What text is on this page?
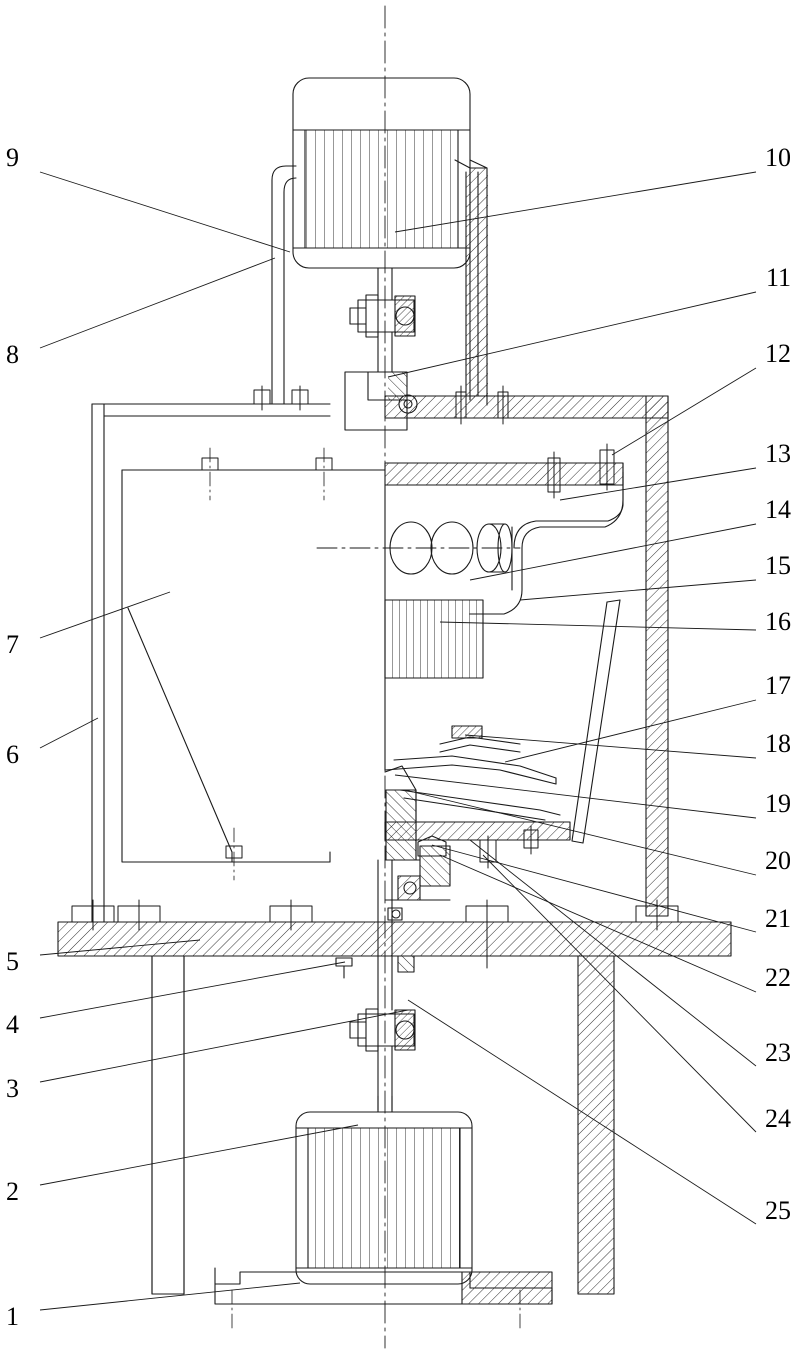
1
2
3
4
5
6
7
8
9	10
11
12
13
14
15
16
17
18
19
20
21
22
23
24
25
